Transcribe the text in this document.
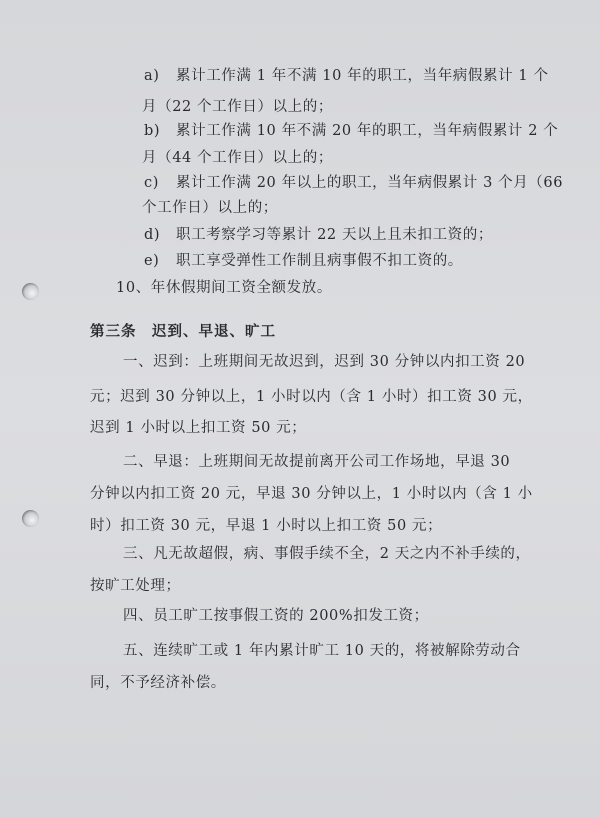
a) 累计工作满 1 年不满 10 年的职工，当年病假累计 1 个
月（22 个工作日）以上的；
b) 累计工作满 10 年不满 20 年的职工，当年病假累计 2 个
月（44 个工作日）以上的；
c) 累计工作满 20 年以上的职工，当年病假累计 3 个月（66
个工作日）以上的；
d) 职工考察学习等累计 22 天以上且未扣工资的；
e) 职工享受弹性工作制且病事假不扣工资的。
10、年休假期间工资全额发放。
第三条　迟到、早退、旷工
一、迟到：上班期间无故迟到，迟到 30 分钟以内扣工资 20
元；迟到 30 分钟以上，1 小时以内（含 1 小时）扣工资 30 元，
迟到 1 小时以上扣工资 50 元；
二、早退：上班期间无故提前离开公司工作场地，早退 30
分钟以内扣工资 20 元，早退 30 分钟以上，1 小时以内（含 1 小
时）扣工资 30 元，早退 1 小时以上扣工资 50 元；
三、凡无故超假，病、事假手续不全，2 天之内不补手续的，
按旷工处理；
四、员工旷工按事假工资的 200%扣发工资；
五、连续旷工或 1 年内累计旷工 10 天的，将被解除劳动合
同，不予经济补偿。
